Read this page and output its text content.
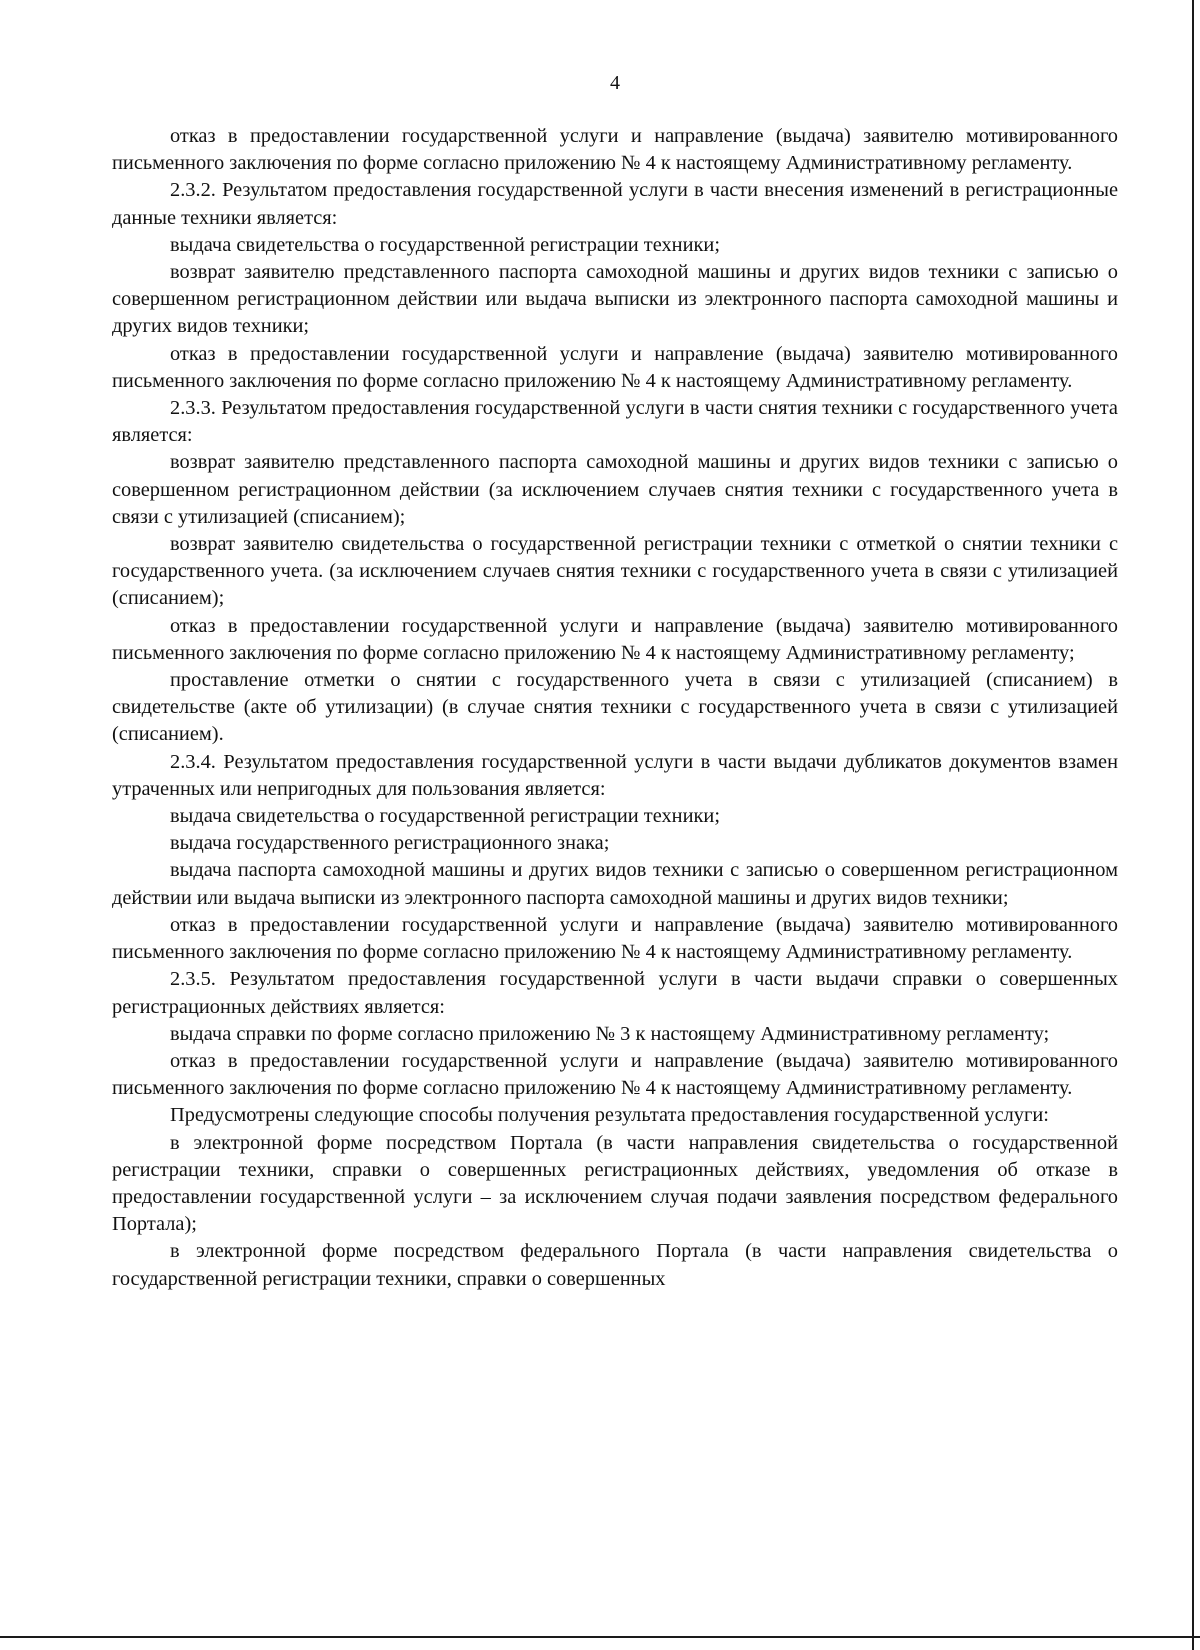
4

отказ в предоставлении государственной услуги и направление (выдача) заявителю мотивированного письменного заключения по форме согласно приложению № 4 к настоящему Административному регламенту.

2.3.2. Результатом предоставления государственной услуги в части внесения изменений в регистрационные данные техники является:

выдача свидетельства о государственной регистрации техники;

возврат заявителю представленного паспорта самоходной машины и других видов техники с записью о совершенном регистрационном действии или выдача выписки из электронного паспорта самоходной машины и других видов техники;

отказ в предоставлении государственной услуги и направление (выдача) заявителю мотивированного письменного заключения по форме согласно приложению № 4 к настоящему Административному регламенту.

2.3.3. Результатом предоставления государственной услуги в части снятия техники с государственного учета является:

возврат заявителю представленного паспорта самоходной машины и других видов техники с записью о совершенном регистрационном действии (за исключением случаев снятия техники с государственного учета в связи с утилизацией (списанием);

возврат заявителю свидетельства о государственной регистрации техники с отметкой о снятии техники с государственного учета. (за исключением случаев снятия техники с государственного учета в связи с утилизацией (списанием);

отказ в предоставлении государственной услуги и направление (выдача) заявителю мотивированного письменного заключения по форме согласно приложению № 4 к настоящему Административному регламенту;

проставление отметки о снятии с государственного учета в связи с утилизацией (списанием) в свидетельстве (акте об утилизации) (в случае снятия техники с государственного учета в связи с утилизацией (списанием).

2.3.4. Результатом предоставления государственной услуги в части выдачи дубликатов документов взамен утраченных или непригодных для пользования является:

выдача свидетельства о государственной регистрации техники;

выдача государственного регистрационного знака;

выдача паспорта самоходной машины и других видов техники с записью о совершенном регистрационном действии или выдача выписки из электронного паспорта самоходной машины и других видов техники;

отказ в предоставлении государственной услуги и направление (выдача) заявителю мотивированного письменного заключения по форме согласно приложению № 4 к настоящему Административному регламенту.

2.3.5. Результатом предоставления государственной услуги в части выдачи справки о совершенных регистрационных действиях является:

выдача справки по форме согласно приложению № 3 к настоящему Административному регламенту;

отказ в предоставлении государственной услуги и направление (выдача) заявителю мотивированного письменного заключения по форме согласно приложению № 4 к настоящему Административному регламенту.

Предусмотрены следующие способы получения результата предоставления государственной услуги:

в электронной форме посредством Портала (в части направления свидетельства о государственной регистрации техники, справки о совершенных регистрационных действиях, уведомления об отказе в предоставлении государственной услуги – за исключением случая подачи заявления посредством федерального Портала);

в электронной форме посредством федерального Портала (в части направления свидетельства о государственной регистрации техники, справки о совершенных
